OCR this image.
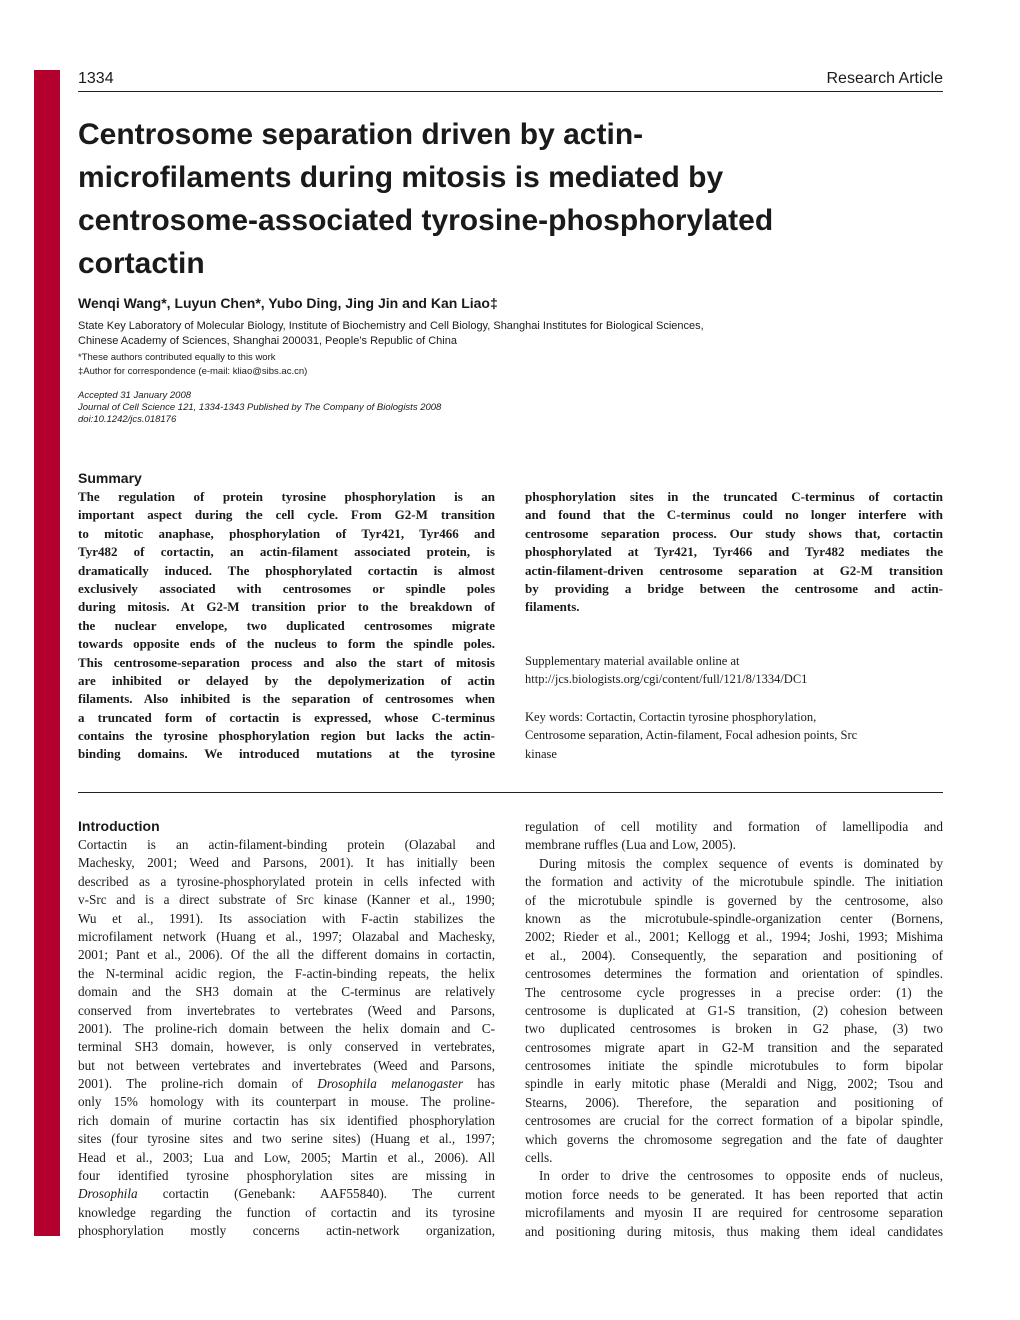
Journal of Cell Science
1334	Research Article
Centrosome separation driven by actin-
microfilaments during mitosis is mediated by
centrosome-associated tyrosine-phosphorylated
cortactin
Wenqi Wang*, Luyun Chen*, Yubo Ding, Jing Jin and Kan Liao‡
State Key Laboratory of Molecular Biology, Institute of Biochemistry and Cell Biology, Shanghai Institutes for Biological Sciences,
Chinese Academy of Sciences, Shanghai 200031, People’s Republic of China
*These authors contributed equally to this work
‡Author for correspondence (e-mail: kliao@sibs.ac.cn)
Accepted 31 January 2008
Journal of Cell Science 121, 1334-1343 Published by The Company of Biologists 2008
doi:10.1242/jcs.018176
Summary
The regulation of protein tyrosine phosphorylation is an
important aspect during the cell cycle. From G2-M transition
to mitotic anaphase, phosphorylation of Tyr421, Tyr466 and
Tyr482 of cortactin, an actin-filament associated protein, is
dramatically induced. The phosphorylated cortactin is almost
exclusively associated with centrosomes or spindle poles
during mitosis. At G2-M transition prior to the breakdown of
the nuclear envelope, two duplicated centrosomes migrate
towards opposite ends of the nucleus to form the spindle poles.
This centrosome-separation process and also the start of mitosis
are inhibited or delayed by the depolymerization of actin
filaments. Also inhibited is the separation of centrosomes when
a truncated form of cortactin is expressed, whose C-terminus
contains the tyrosine phosphorylation region but lacks the actin-
binding domains. We introduced mutations at the tyrosine
phosphorylation sites in the truncated C-terminus of cortactin
and found that the C-terminus could no longer interfere with
centrosome separation process. Our study shows that, cortactin
phosphorylated at Tyr421, Tyr466 and Tyr482 mediates the
actin-filament-driven centrosome separation at G2-M transition
by providing a bridge between the centrosome and actin-
filaments.
Supplementary material available online at
http://jcs.biologists.org/cgi/content/full/121/8/1334/DC1
Key words: Cortactin, Cortactin tyrosine phosphorylation,
Centrosome separation, Actin-filament, Focal adhesion points, Src
kinase
Introduction
Cortactin is an actin-filament-binding protein (Olazabal and
Machesky, 2001; Weed and Parsons, 2001). It has initially been
described as a tyrosine-phosphorylated protein in cells infected with
v-Src and is a direct substrate of Src kinase (Kanner et al., 1990;
Wu et al., 1991). Its association with F-actin stabilizes the
microfilament network (Huang et al., 1997; Olazabal and Machesky,
2001; Pant et al., 2006). Of the all the different domains in cortactin,
the N-terminal acidic region, the F-actin-binding repeats, the helix
domain and the SH3 domain at the C-terminus are relatively
conserved from invertebrates to vertebrates (Weed and Parsons,
2001). The proline-rich domain between the helix domain and C-
terminal SH3 domain, however, is only conserved in vertebrates,
but not between vertebrates and invertebrates (Weed and Parsons,
2001). The proline-rich domain of Drosophila melanogaster has
only 15% homology with its counterpart in mouse. The proline-
rich domain of murine cortactin has six identified phosphorylation
sites (four tyrosine sites and two serine sites) (Huang et al., 1997;
Head et al., 2003; Lua and Low, 2005; Martin et al., 2006). All
four identified tyrosine phosphorylation sites are missing in
Drosophila cortactin (Genebank: AAF55840). The current
knowledge regarding the function of cortactin and its tyrosine
phosphorylation mostly concerns actin-network organization,
regulation of cell motility and formation of lamellipodia and
membrane ruffles (Lua and Low, 2005).
During mitosis the complex sequence of events is dominated by
the formation and activity of the microtubule spindle. The initiation
of the microtubule spindle is governed by the centrosome, also
known as the microtubule-spindle-organization center (Bornens,
2002; Rieder et al., 2001; Kellogg et al., 1994; Joshi, 1993; Mishima
et al., 2004). Consequently, the separation and positioning of
centrosomes determines the formation and orientation of spindles.
The centrosome cycle progresses in a precise order: (1) the
centrosome is duplicated at G1-S transition, (2) cohesion between
two duplicated centrosomes is broken in G2 phase, (3) two
centrosomes migrate apart in G2-M transition and the separated
centrosomes initiate the spindle microtubules to form bipolar
spindle in early mitotic phase (Meraldi and Nigg, 2002; Tsou and
Stearns, 2006). Therefore, the separation and positioning of
centrosomes are crucial for the correct formation of a bipolar spindle,
which governs the chromosome segregation and the fate of daughter
cells.
In order to drive the centrosomes to opposite ends of nucleus,
motion force needs to be generated. It has been reported that actin
microfilaments and myosin II are required for centrosome separation
and positioning during mitosis, thus making them ideal candidates
